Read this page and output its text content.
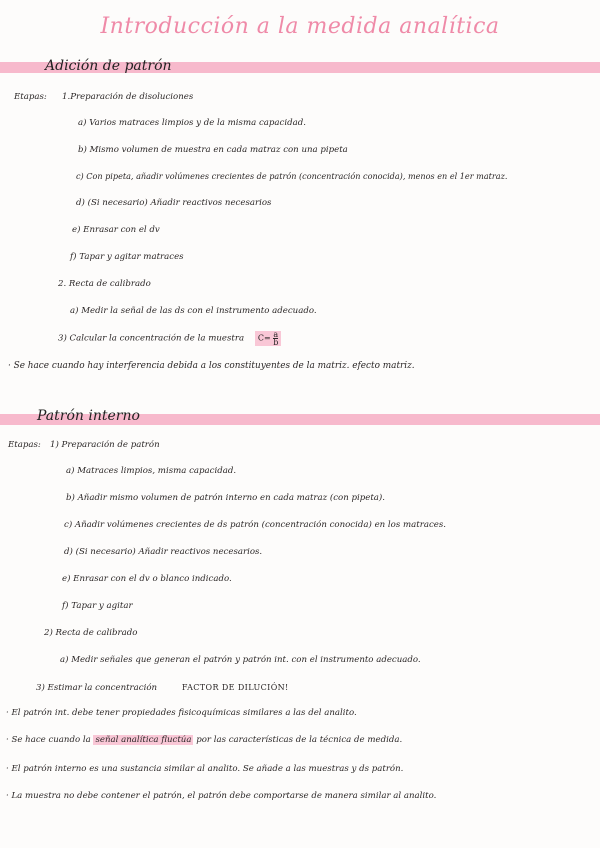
Introducción a la medida analítica
Adición de patrón
Etapas: 1.Preparación de disoluciones
a) Varios matraces limpios y de la misma capacidad.
b) Mismo volumen de muestra en cada matraz con una pipeta
c) Con pipeta, añadir volúmenes crecientes de patrón (concentración conocida), menos en el 1er matraz.
d) (Si necesario) Añadir reactivos necesarios
e) Enrasar con el dv
f) Tapar y agitar matraces
2. Recta de calibrado
a) Medir la señal de las ds con el instrumento adecuado.
3) Calcular la concentración de la muestra $C= \frac{a}{b}$
· Se hace cuando hay interferencia debida a los constituyentes de la matriz. efecto matriz.
Patrón interno
Etapas: 1) Preparación de patrón
a) Matraces limpios, misma capacidad.
b) Añadir mismo volumen de patrón interno en cada matraz (con pipeta).
c) Añadir volúmenes crecientes de ds patrón (concentración conocida) en los matraces.
d) (Si necesario) Añadir reactivos necesarios.
e) Enrasar con el dv o blanco indicado.
f) Tapar y agitar
2) Recta de calibrado
a) Medir señales que generan el patrón y patrón int. con el instrumento adecuado.
3) Estimar la concentración	FACTOR DE DILUCIÓN!
· El patrón int. debe tener propiedades fisicoquímicas similares a las del analito.
· Se hace cuando la señal analítica fluctúa por las características de la técnica de medida.
· El patrón interno es una sustancia similar al analito. Se añade a las muestras y ds patrón.
· La muestra no debe contener el patrón, el patrón debe comportarse de manera similar al analito.
